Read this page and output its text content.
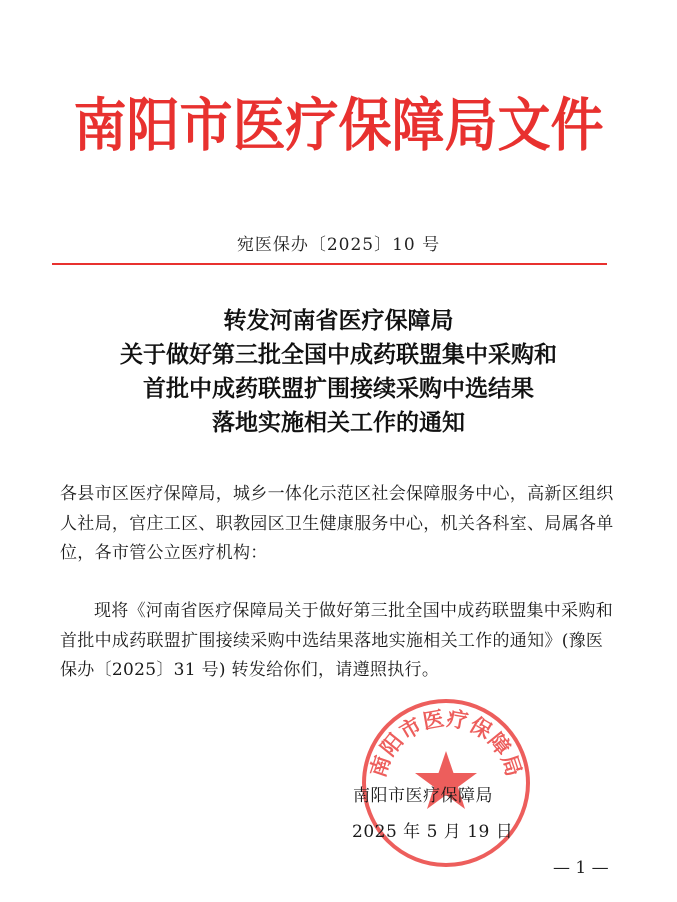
南阳市医疗保障局文件
宛医保办〔2025〕10 号
转发河南省医疗保障局
关于做好第三批全国中成药联盟集中采购和
首批中成药联盟扩围接续采购中选结果
落地实施相关工作的通知
各县市区医疗保障局，城乡一体化示范区社会保障服务中心，高新区组织人社局，官庄工区、职教园区卫生健康服务中心，机关各科室、局属各单位，各市管公立医疗机构：
现将《河南省医疗保障局关于做好第三批全国中成药联盟集中采购和首批中成药联盟扩围接续采购中选结果落地实施相关工作的通知》(豫医保办〔2025〕31 号) 转发给你们，请遵照执行。
南阳市医疗保障局
南阳市医疗保障局
2025 年 5 月 19 日
— 1 —
